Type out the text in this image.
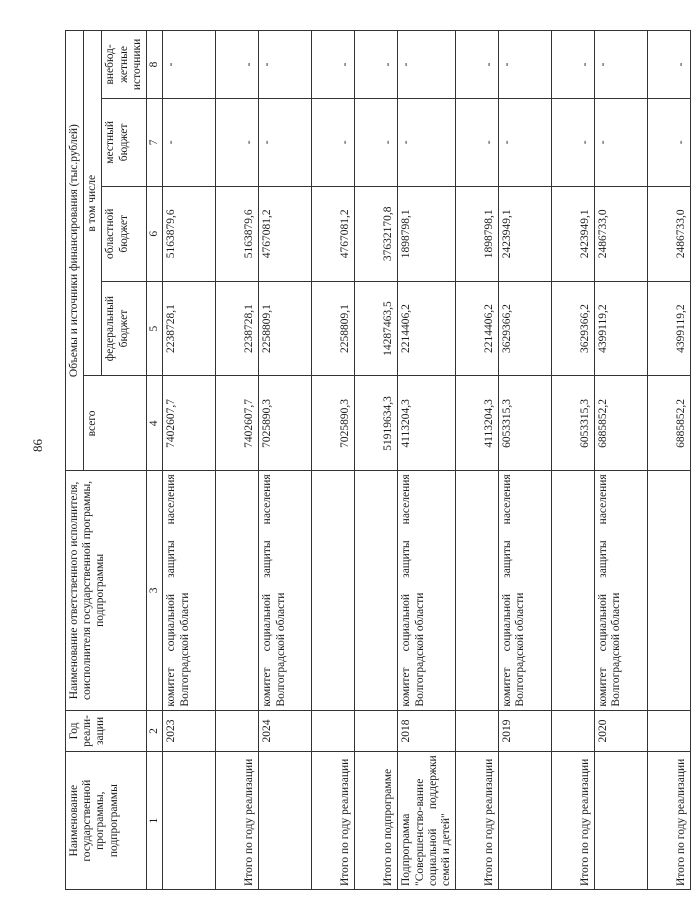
86
Наименование государственной программы, подпрограммы	Год реали-зации	Наименование ответственного исполнителя, соисполнителя государственной программы, подпрограммы	Объемы и источники финансирования (тыс.рублей)				
			всего	в том числе			
				федеральный бюджет	областной бюджет	местный бюджет	внебюд-жетные источники
1	2	3	4	5	6	7	8
	2023	комитет социальной защиты населения Волгоградской области	7402607,7	2238728,1	5163879,6	-	-
Итого по году реализации			7402607,7	2238728,1	5163879,6	-	-
	2024	комитет социальной защиты населения Волгоградской области	7025890,3	2258809,1	4767081,2	-	-
Итого по году реализации			7025890,3	2258809,1	4767081,2	-	-
Итого по подпрограмме			51919634,3	14287463,5	37632170,8	-	-
Подпрограмма "Совершенство-вание социальной поддержки семей и детей"	2018	комитет социальной защиты населения Волгоградской области	4113204,3	2214406,2	1898798,1	-	-
Итого по году реализации			4113204,3	2214406,2	1898798,1	-	-
	2019	комитет социальной защиты населения Волгоградской области	6053315,3	3629366,2	2423949,1	-	-
Итого по году реализации			6053315,3	3629366,2	2423949,1	-	-
	2020	комитет социальной защиты населения Волгоградской области	6885852,2	4399119,2	2486733,0	-	-
Итого по году реализации			6885852,2	4399119,2	2486733,0	-	-
